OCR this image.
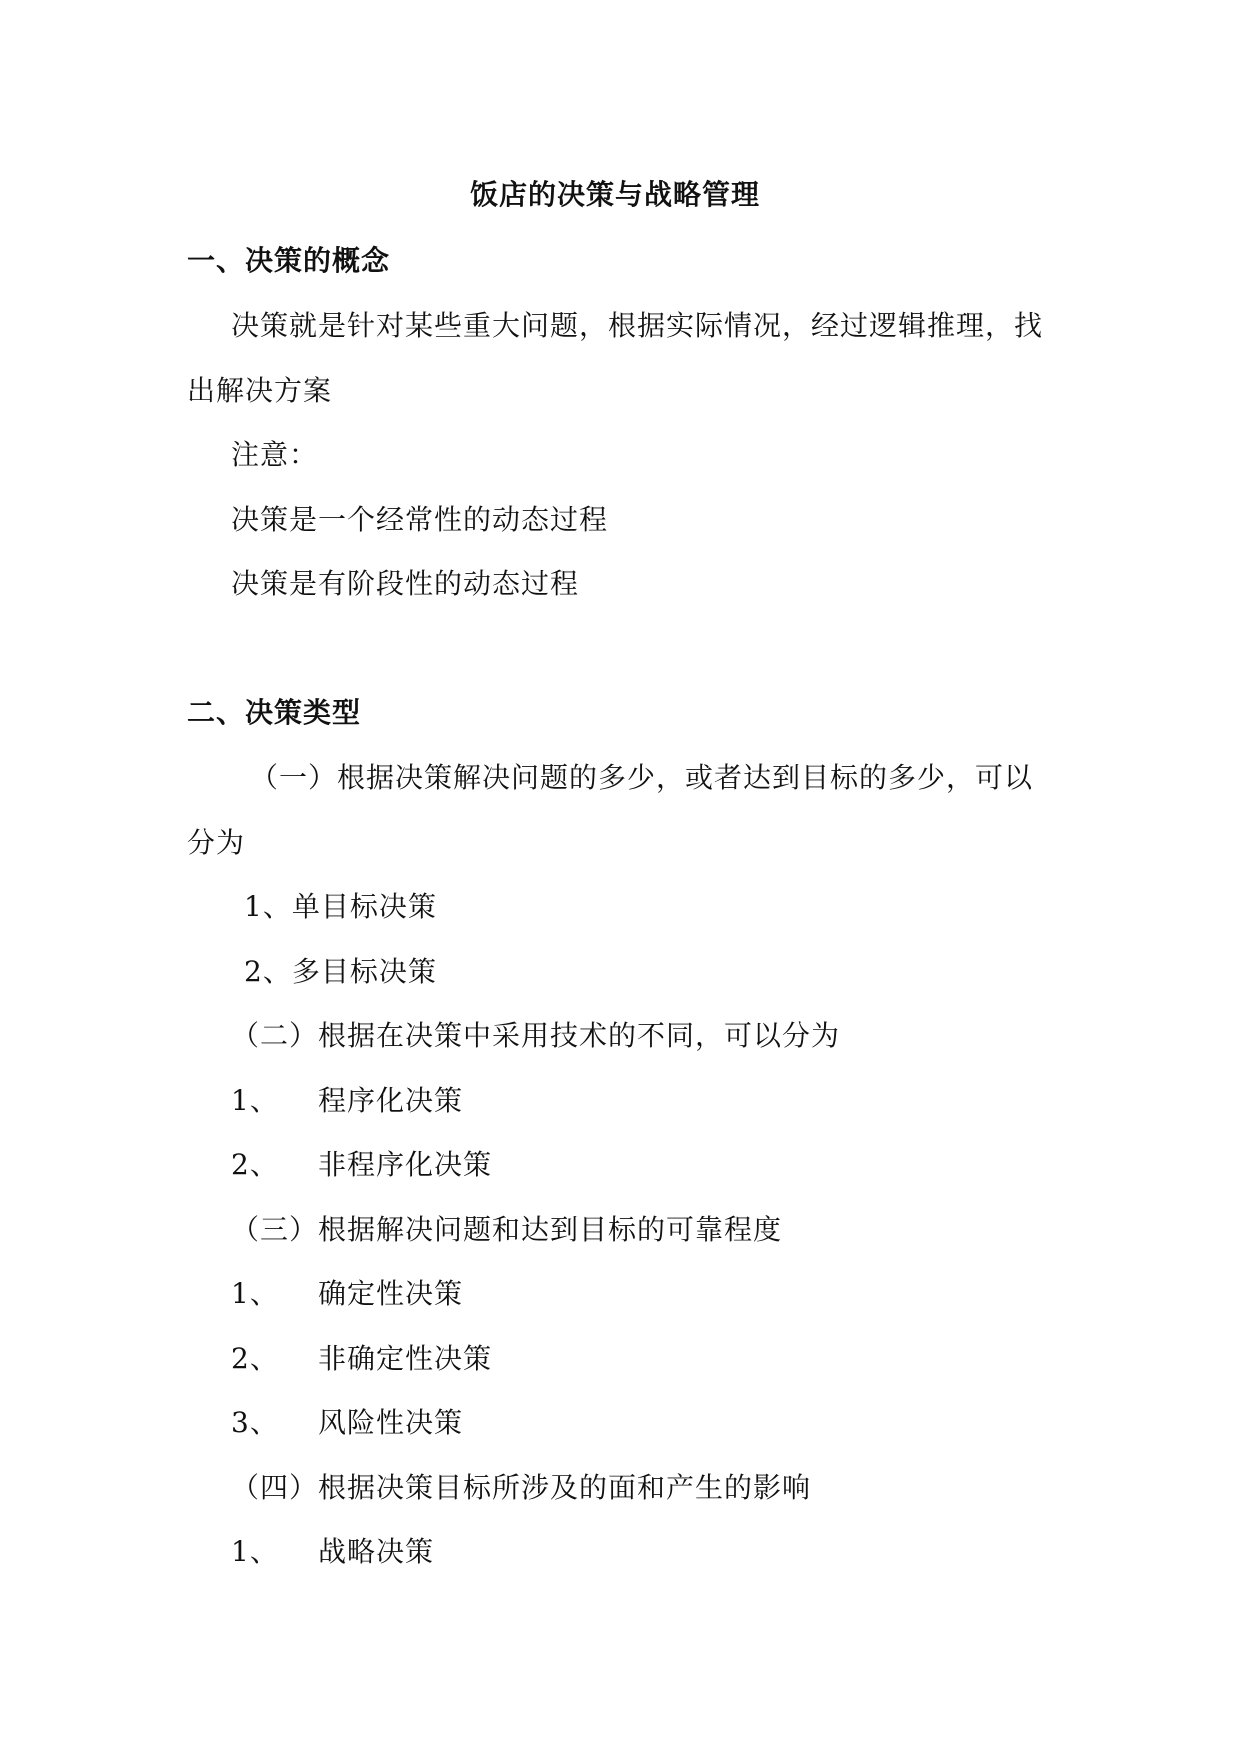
饭店的决策与战略管理
一、决策的概念
决策就是针对某些重大问题，根据实际情况，经过逻辑推理，找
出解决方案
注意：
决策是一个经常性的动态过程
决策是有阶段性的动态过程
二、决策类型
（一）根据决策解决问题的多少，或者达到目标的多少，可以
分为
1、单目标决策
2、多目标决策
（二）根据在决策中采用技术的不同，可以分为
1、 程序化决策
2、 非程序化决策
（三）根据解决问题和达到目标的可靠程度
1、 确定性决策
2、 非确定性决策
3、 风险性决策
（四）根据决策目标所涉及的面和产生的影响
1、 战略决策
